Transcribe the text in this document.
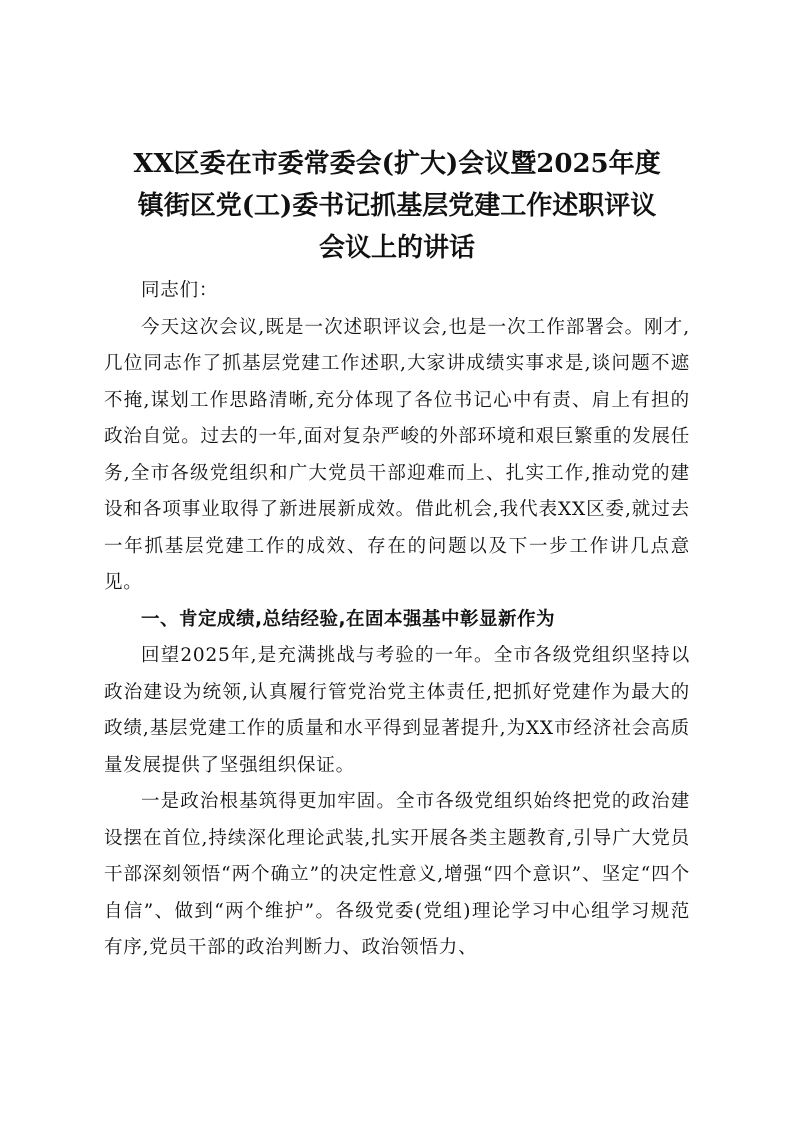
XX区委在市委常委会(扩大)会议暨2025年度
镇街区党(工)委书记抓基层党建工作述职评议
会议上的讲话

同志们：

今天这次会议,既是一次述职评议会,也是一次工作部署会。刚才,几位同志作了抓基层党建工作述职,大家讲成绩实事求是,谈问题不遮不掩,谋划工作思路清晰,充分体现了各位书记心中有责、肩上有担的政治自觉。过去的一年,面对复杂严峻的外部环境和艰巨繁重的发展任务,全市各级党组织和广大党员干部迎难而上、扎实工作,推动党的建设和各项事业取得了新进展新成效。借此机会,我代表XX区委,就过去一年抓基层党建工作的成效、存在的问题以及下一步工作讲几点意见。

一、肯定成绩,总结经验,在固本强基中彰显新作为

回望2025年,是充满挑战与考验的一年。全市各级党组织坚持以政治建设为统领,认真履行管党治党主体责任,把抓好党建作为最大的政绩,基层党建工作的质量和水平得到显著提升,为XX市经济社会高质量发展提供了坚强组织保证。

一是政治根基筑得更加牢固。全市各级党组织始终把党的政治建设摆在首位,持续深化理论武装,扎实开展各类主题教育,引导广大党员干部深刻领悟“两个确立”的决定性意义,增强“四个意识”、坚定“四个自信”、做到“两个维护”。各级党委(党组)理论学习中心组学习规范有序,党员干部的政治判断力、政治领悟力、
